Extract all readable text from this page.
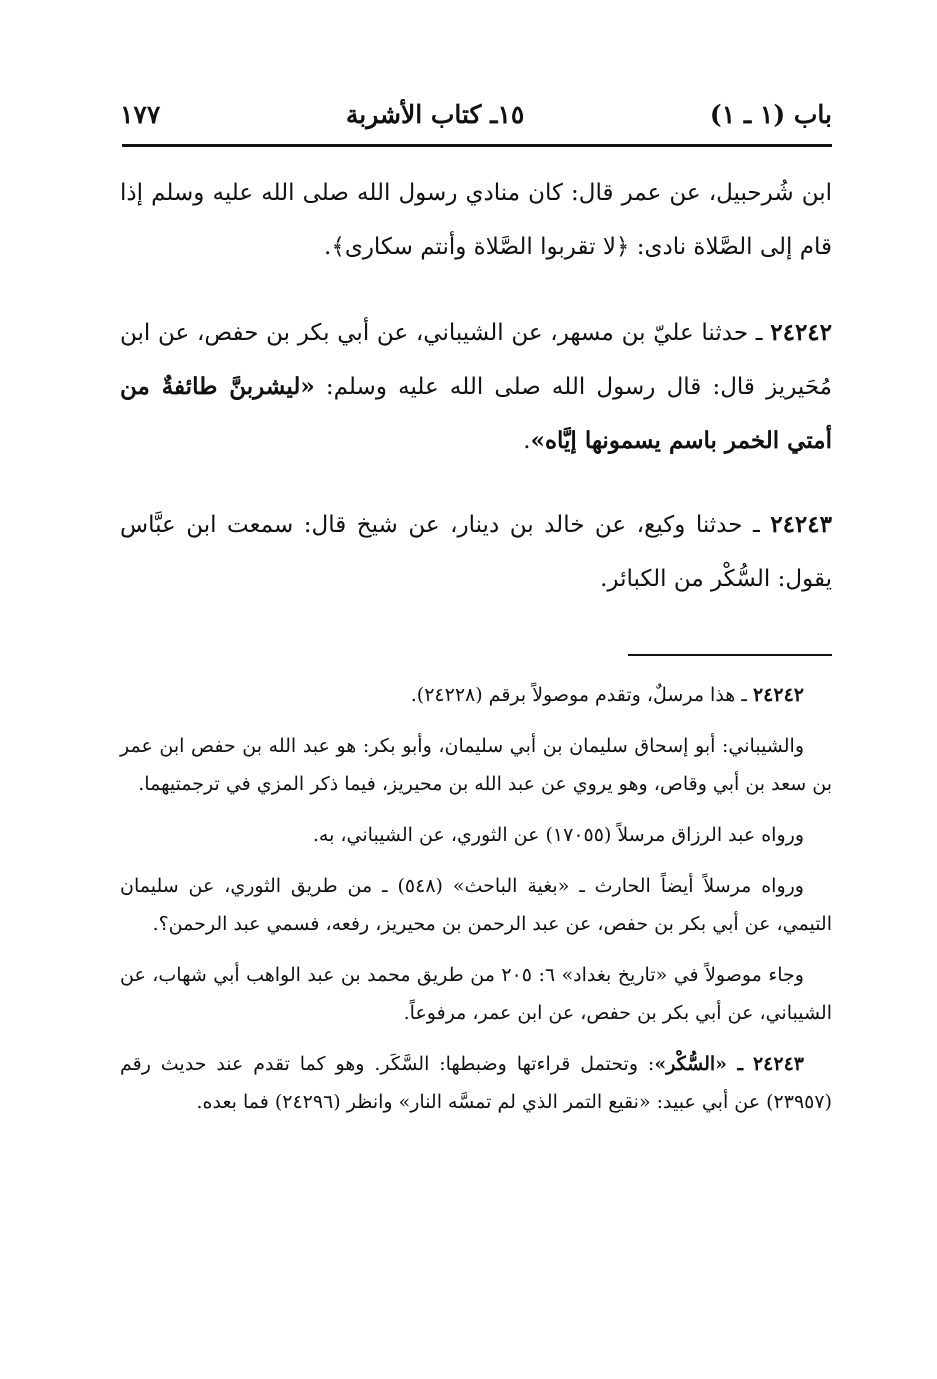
باب (١ ـ ١)
١٥ـ كتاب الأشربة
١٧٧

ابن شُرحبيل، عن عمر قال: كان منادي رسول الله صلى الله عليه وسلم إذا قام إلى الصَّلاة نادى: ﴿لا تقربوا الصَّلاة وأنتم سكارى﴾.

٢٤٢٤٢ ـ حدثنا عليّ بن مسهر، عن الشيباني، عن أبي بكر بن حفص، عن ابن مُحَيريز قال: قال رسول الله صلى الله عليه وسلم: «ليشربنَّ طائفةٌ من أمتي الخمر باسم يسمونها إيَّاه».

٢٤٢٤٣ ـ حدثنا وكيع، عن خالد بن دينار، عن شيخ قال: سمعت ابن عبَّاس يقول: السُّكْر من الكبائر.

٢٤٢٤٢ ـ هذا مرسلٌ، وتقدم موصولاً برقم (٢٤٢٢٨).

والشيباني: أبو إسحاق سليمان بن أبي سليمان، وأبو بكر: هو عبد الله بن حفص ابن عمر بن سعد بن أبي وقاص، وهو يروي عن عبد الله بن محيريز، فيما ذكر المزي في ترجمتيهما.

ورواه عبد الرزاق مرسلاً (١٧٠٥٥) عن الثوري، عن الشيباني، به.

ورواه مرسلاً أيضاً الحارث ـ «بغية الباحث» (٥٤٨) ـ من طريق الثوري، عن سليمان التيمي، عن أبي بكر بن حفص، عن عبد الرحمن بن محيريز، رفعه، فسمي عبد الرحمن؟.

وجاء موصولاً في «تاريخ بغداد» ٦: ٢٠٥ من طريق محمد بن عبد الواهب أبي شهاب، عن الشيباني، عن أبي بكر بن حفص، عن ابن عمر، مرفوعاً.

٢٤٢٤٣ ـ «السُّكْر»: وتحتمل قراءتها وضبطها: السَّكَر. وهو كما تقدم عند حديث رقم (٢٣٩٥٧) عن أبي عبيد: «نقيع التمر الذي لم تمسَّه النار» وانظر (٢٤٢٩٦) فما بعده.
